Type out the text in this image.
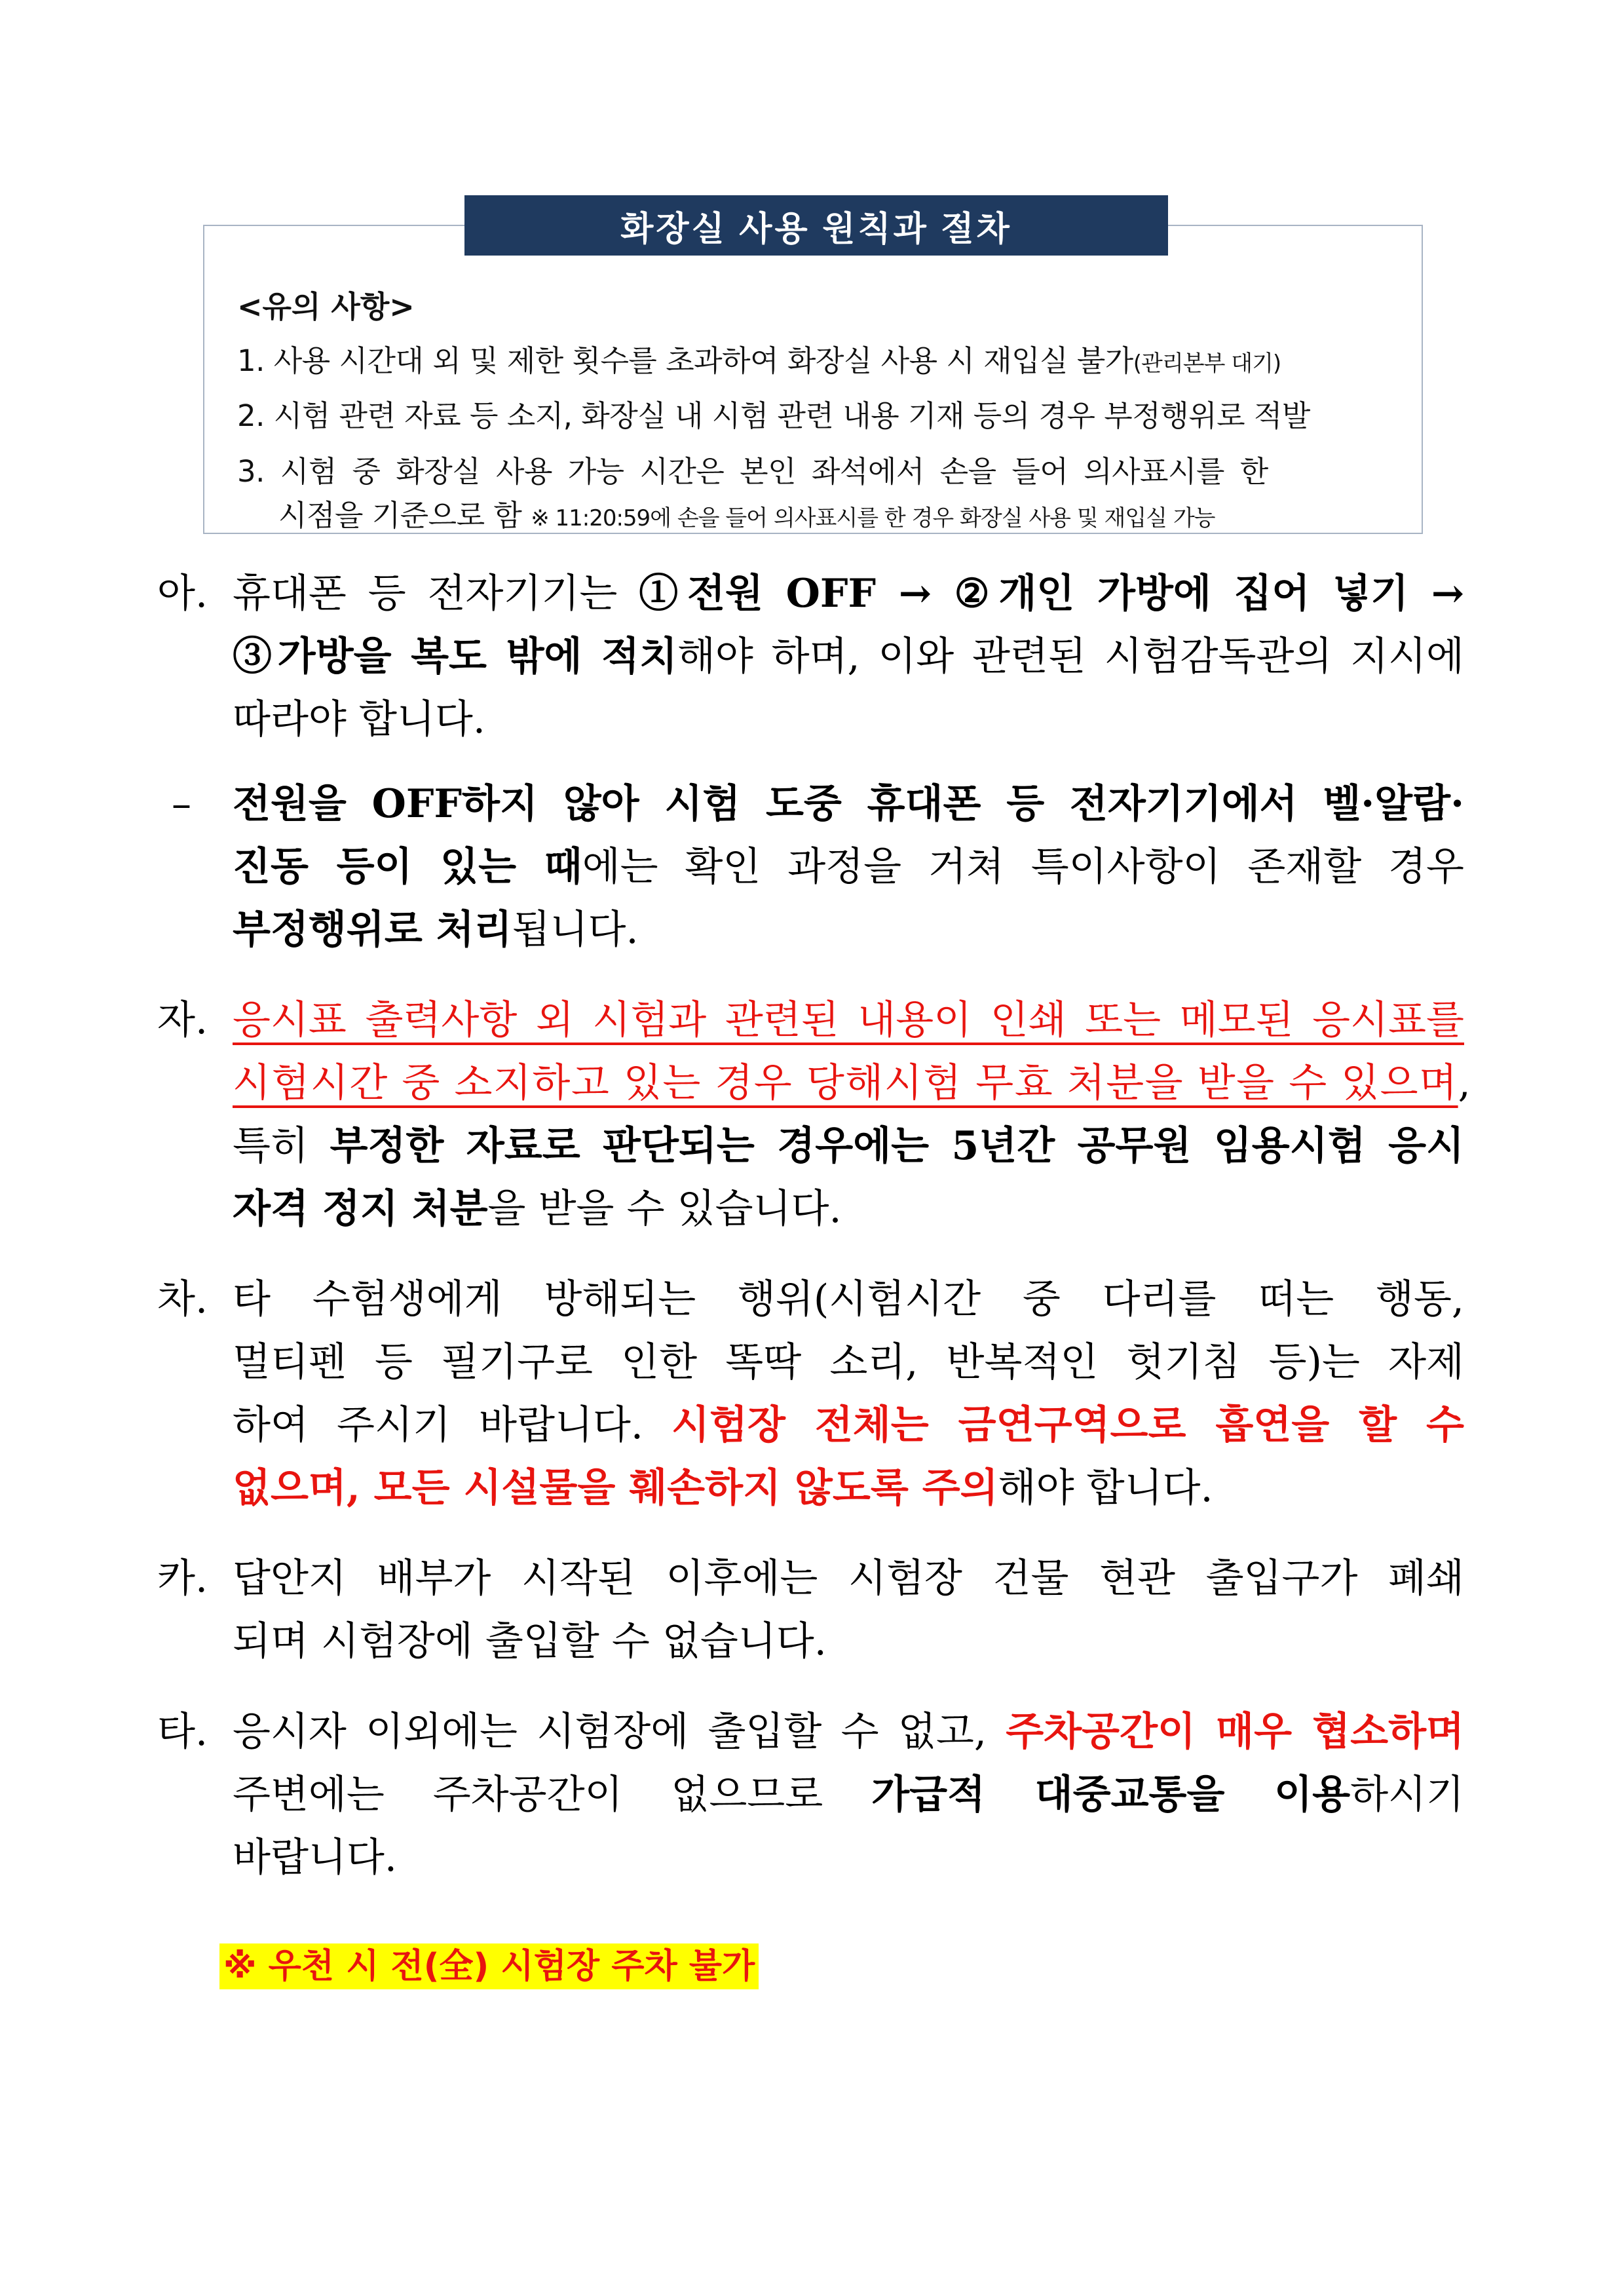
화장실 사용 원칙과 절차
<유의 사항>
1. 사용 시간대 외 및 제한 횟수를 초과하여 화장실 사용 시 재입실 불가(관리본부 대기)
2. 시험 관련 자료 등 소지, 화장실 내 시험 관련 내용 기재 등의 경우 부정행위로 적발
3. 시험 중 화장실 사용 가능 시간은 본인 좌석에서 손을 들어 의사표시를 한
시점을 기준으로 함 ※ 11:20:59에 손을 들어 의사표시를 한 경우 화장실 사용 및 재입실 가능
아. 휴대폰 등 전자기기는 ①전원 OFF → ②개인 가방에 집어 넣기 →
③가방을 복도 밖에 적치해야 하며, 이와 관련된 시험감독관의 지시에
따라야 합니다.
– 전원을 OFF하지 않아 시험 도중 휴대폰 등 전자기기에서 벨·알람·
진동 등이 있는 때에는 확인 과정을 거쳐 특이사항이 존재할 경우
부정행위로 처리됩니다.
자. 응시표 출력사항 외 시험과 관련된 내용이 인쇄 또는 메모된 응시표를
시험시간 중 소지하고 있는 경우 당해시험 무효 처분을 받을 수 있으며,
특히 부정한 자료로 판단되는 경우에는 5년간 공무원 임용시험 응시
자격 정지 처분을 받을 수 있습니다.
차. 타 수험생에게 방해되는 행위(시험시간 중 다리를 떠는 행동,
멀티펜 등 필기구로 인한 똑딱 소리, 반복적인 헛기침 등)는 자제
하여 주시기 바랍니다. 시험장 전체는 금연구역으로 흡연을 할 수
없으며, 모든 시설물을 훼손하지 않도록 주의해야 합니다.
카. 답안지 배부가 시작된 이후에는 시험장 건물 현관 출입구가 폐쇄
되며 시험장에 출입할 수 없습니다.
타. 응시자 이외에는 시험장에 출입할 수 없고, 주차공간이 매우 협소하며
주변에는 주차공간이 없으므로 가급적 대중교통을 이용하시기
바랍니다.
※ 우천 시 전(全) 시험장 주차 불가
